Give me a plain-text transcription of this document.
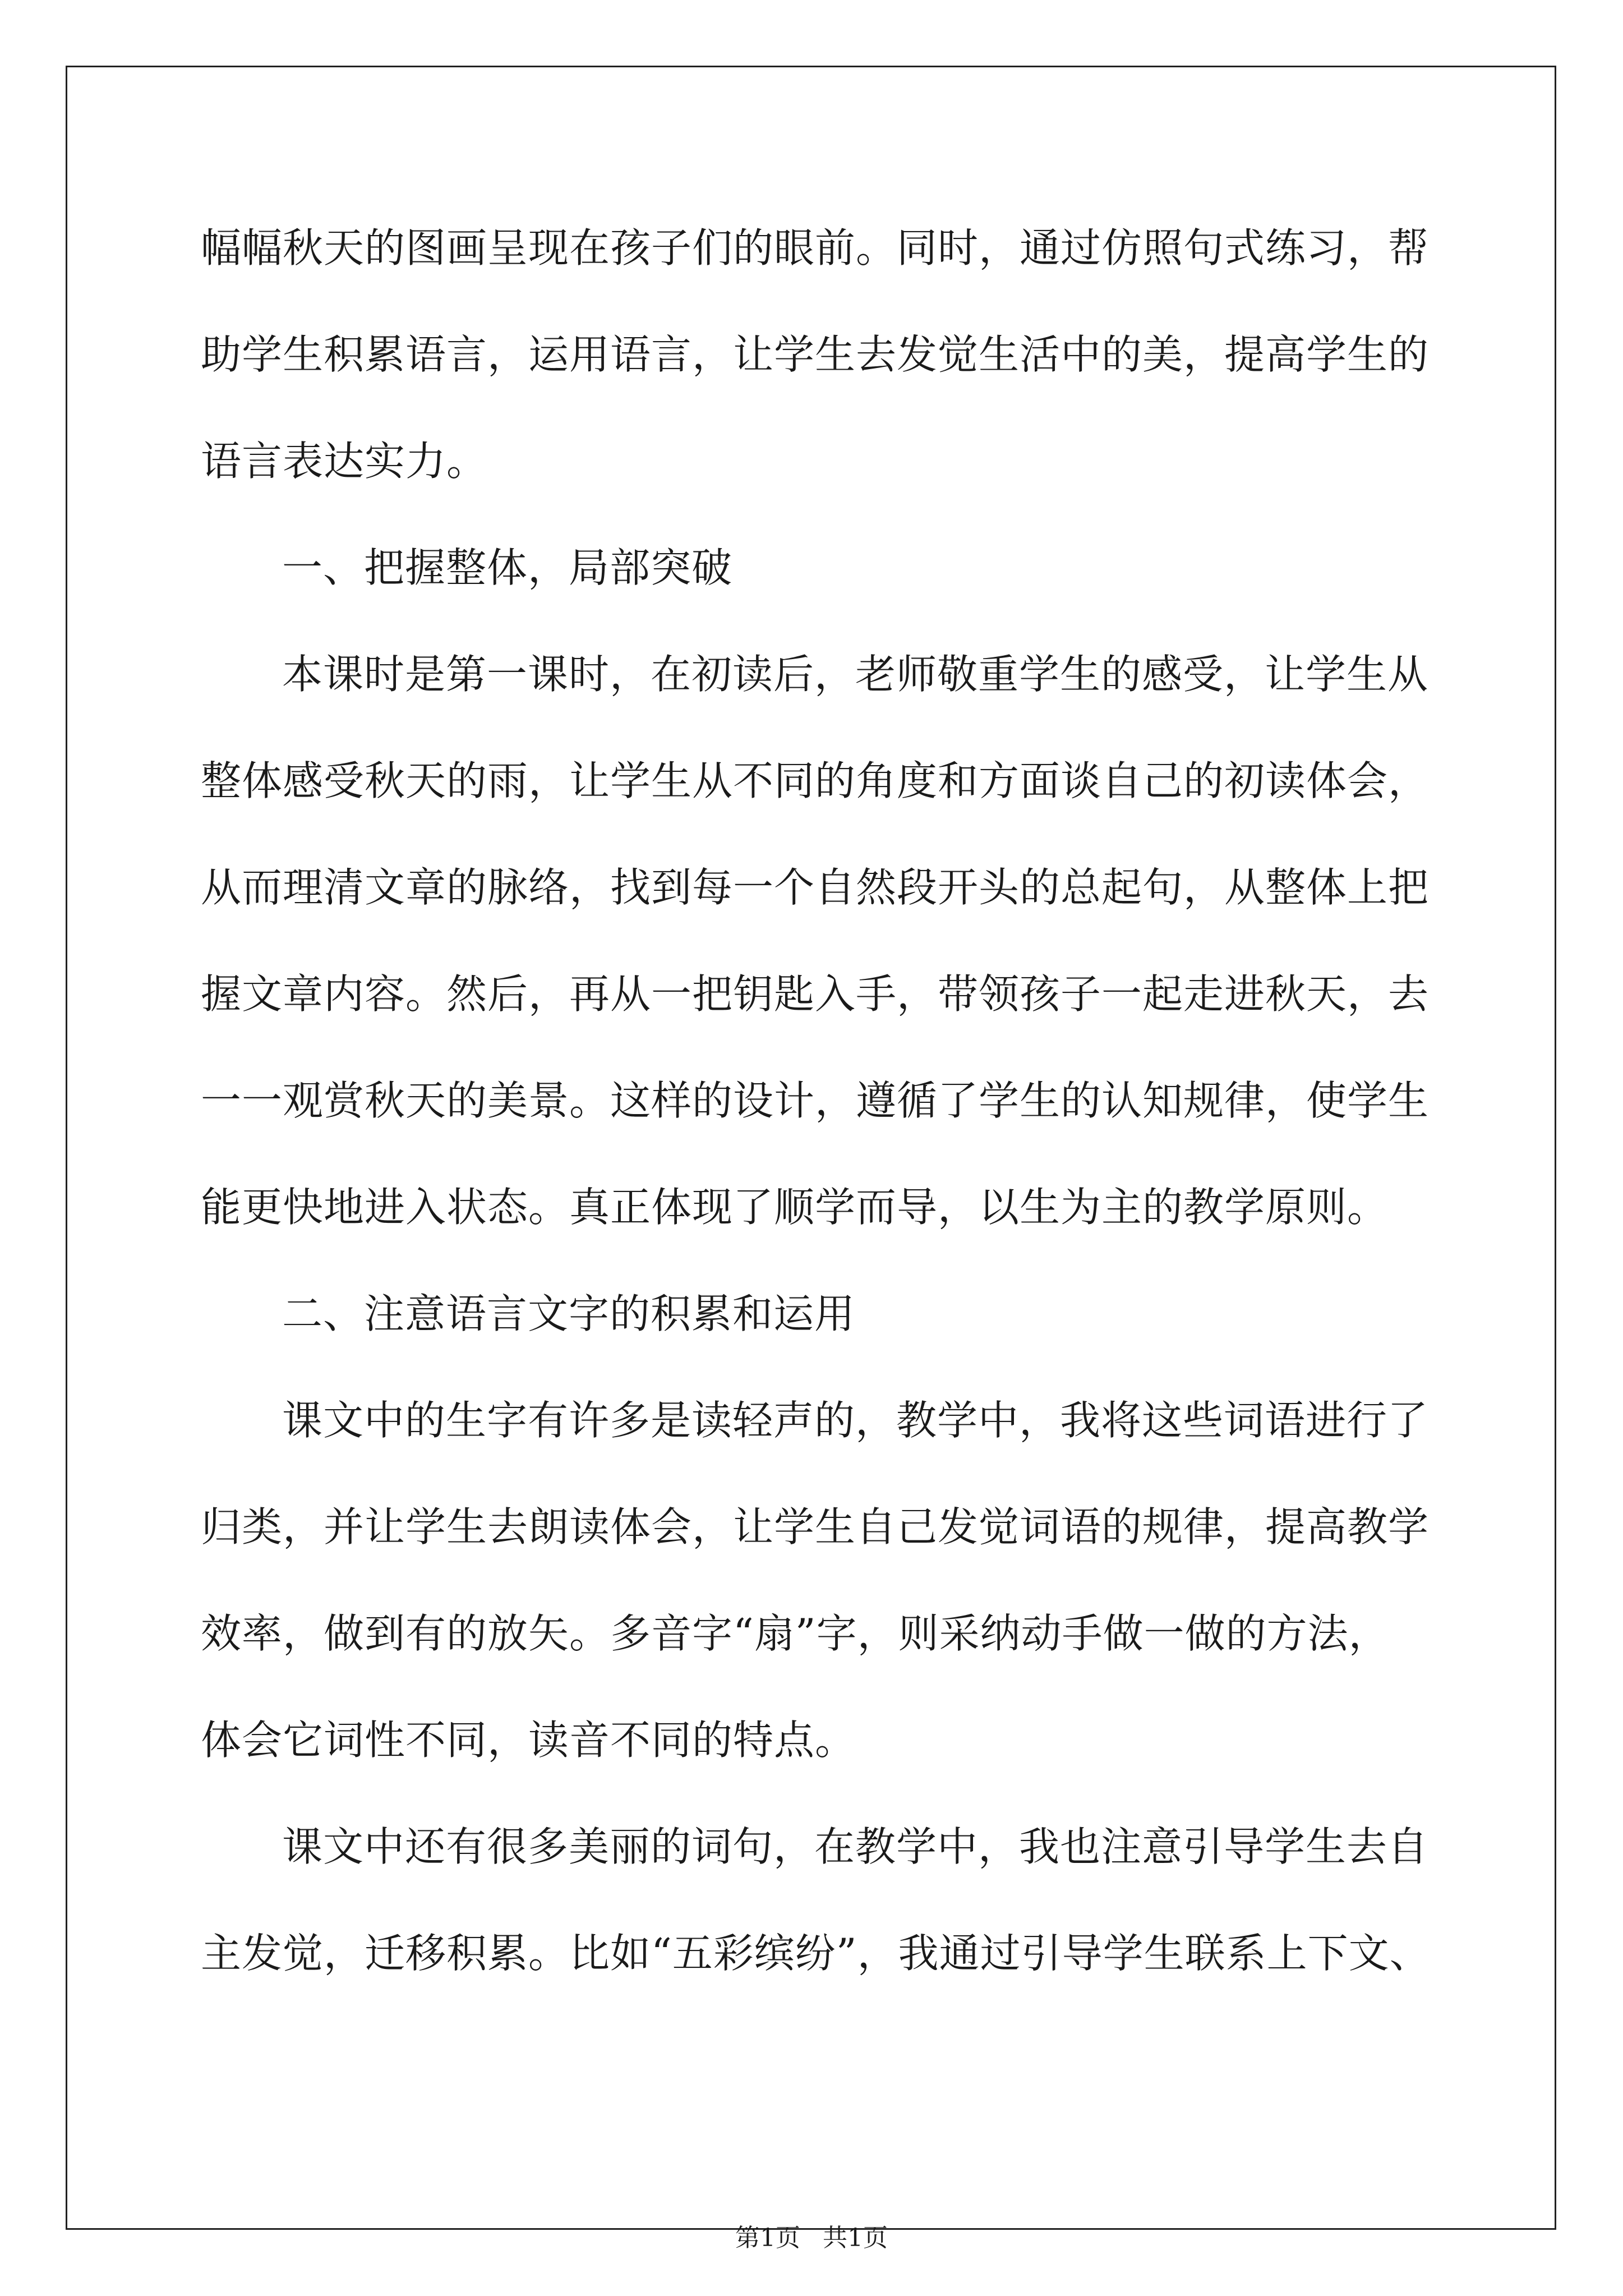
幅幅秋天的图画呈现在孩子们的眼前。同时，通过仿照句式练习，帮
助学生积累语言，运用语言，让学生去发觉生活中的美，提高学生的
语言表达实力。
一、把握整体，局部突破
本课时是第一课时，在初读后，老师敬重学生的感受，让学生从
整体感受秋天的雨，让学生从不同的角度和方面谈自己的初读体会，
从而理清文章的脉络，找到每一个自然段开头的总起句，从整体上把
握文章内容。然后，再从一把钥匙入手，带领孩子一起走进秋天，去
一一观赏秋天的美景。这样的设计，遵循了学生的认知规律，使学生
能更快地进入状态。真正体现了顺学而导，以生为主的教学原则。
二、注意语言文字的积累和运用
课文中的生字有许多是读轻声的，教学中，我将这些词语进行了
归类，并让学生去朗读体会，让学生自己发觉词语的规律，提高教学
效率，做到有的放矢。多音字“扇”字，则采纳动手做一做的方法，
体会它词性不同，读音不同的特点。
课文中还有很多美丽的词句，在教学中，我也注意引导学生去自
主发觉，迁移积累。比如“五彩缤纷”，我通过引导学生联系上下文、
第1页 共1页
